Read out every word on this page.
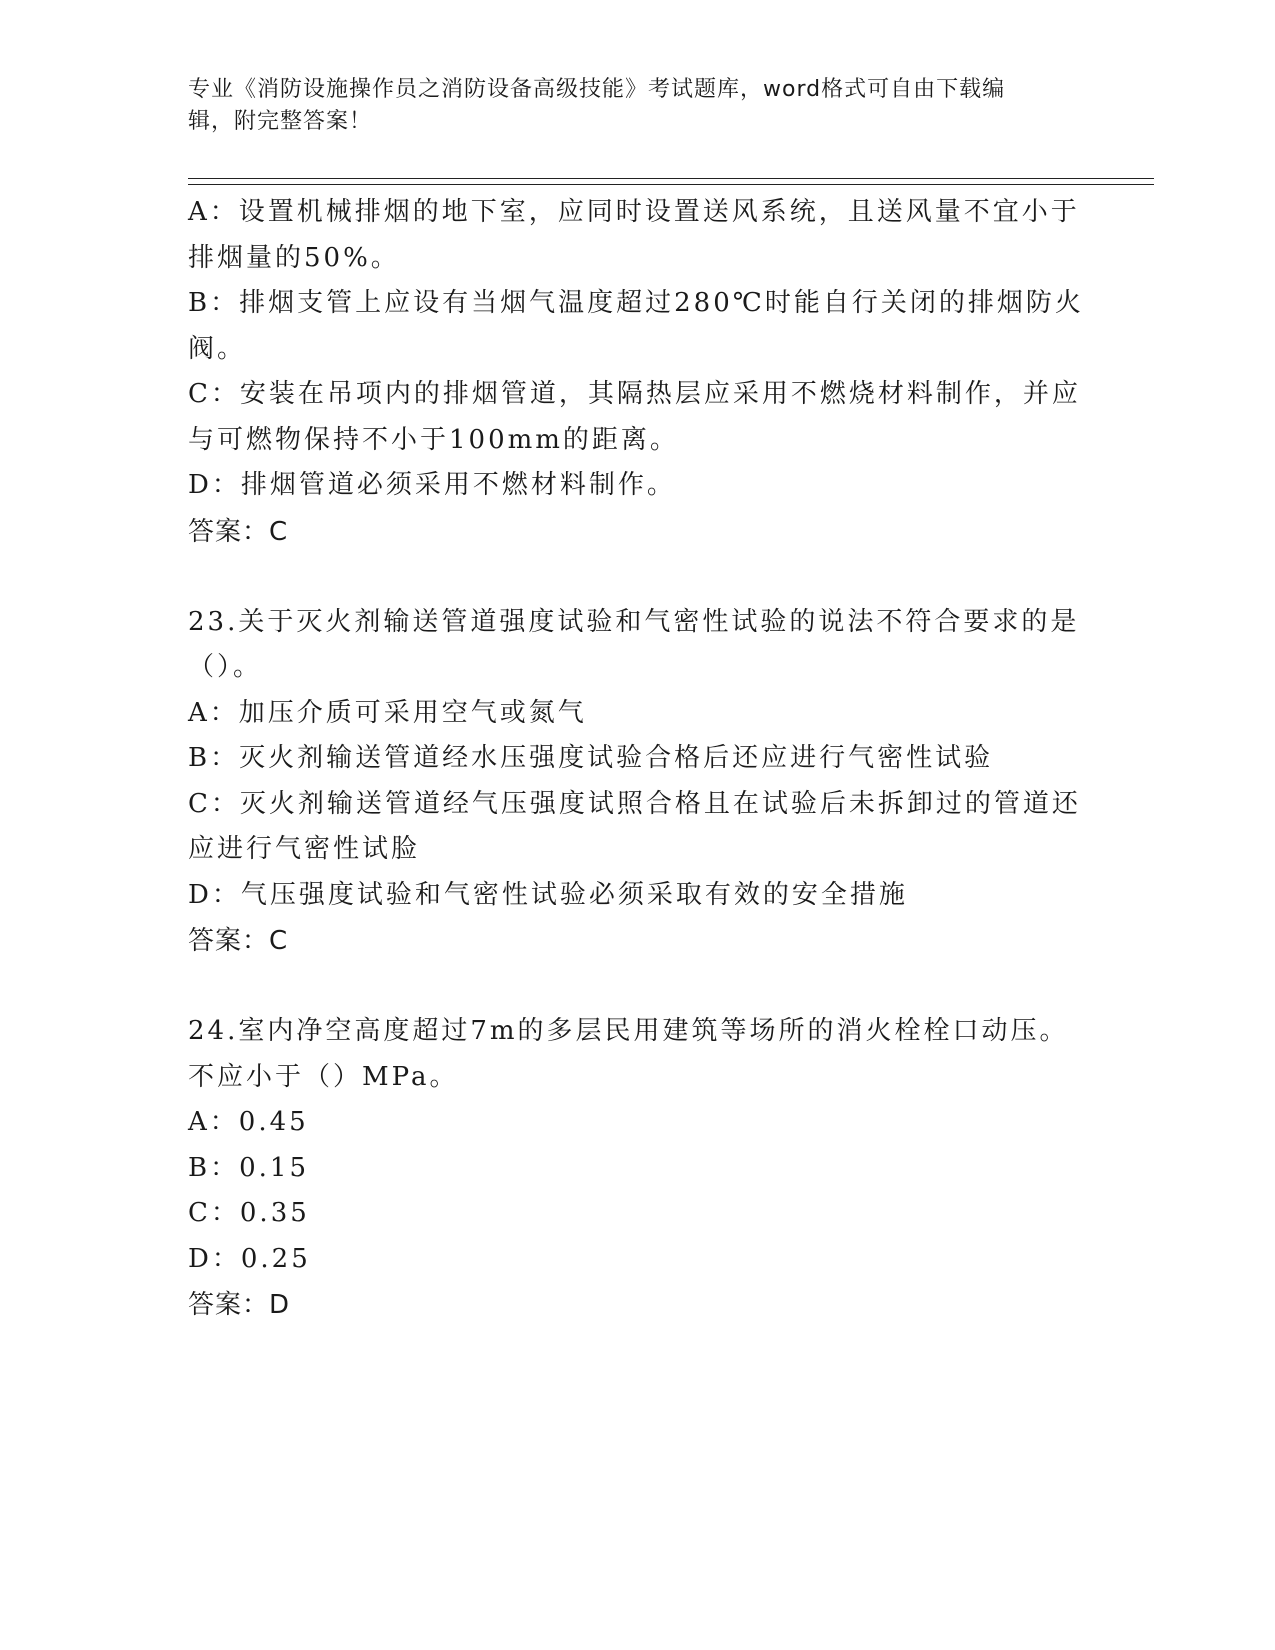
专业《消防设施操作员之消防设备高级技能》考试题库，word格式可自由下载编
辑，附完整答案！
A：设置机械排烟的地下室，应同时设置送风系统，且送风量不宜小于
排烟量的50%。
B：排烟支管上应设有当烟气温度超过280℃时能自行关闭的排烟防火
阀。
C：安装在吊项内的排烟管道，其隔热层应采用不燃烧材料制作，并应
与可燃物保持不小于100mm的距离。
D：排烟管道必须采用不燃材料制作。
答案：C
23.关于灭火剂输送管道强度试验和气密性试验的说法不符合要求的是
（）。
A：加压介质可采用空气或氮气
B：灭火剂输送管道经水压强度试验合格后还应进行气密性试验
C：灭火剂输送管道经气压强度试照合格且在试验后未拆卸过的管道还
应进行气密性试脸
D：气压强度试验和气密性试验必须采取有效的安全措施
答案：C
24.室内净空高度超过7m的多层民用建筑等场所的消火栓栓口动压。
不应小于（）MPa。
A：0.45
B：0.15
C：0.35
D：0.25
答案：D
